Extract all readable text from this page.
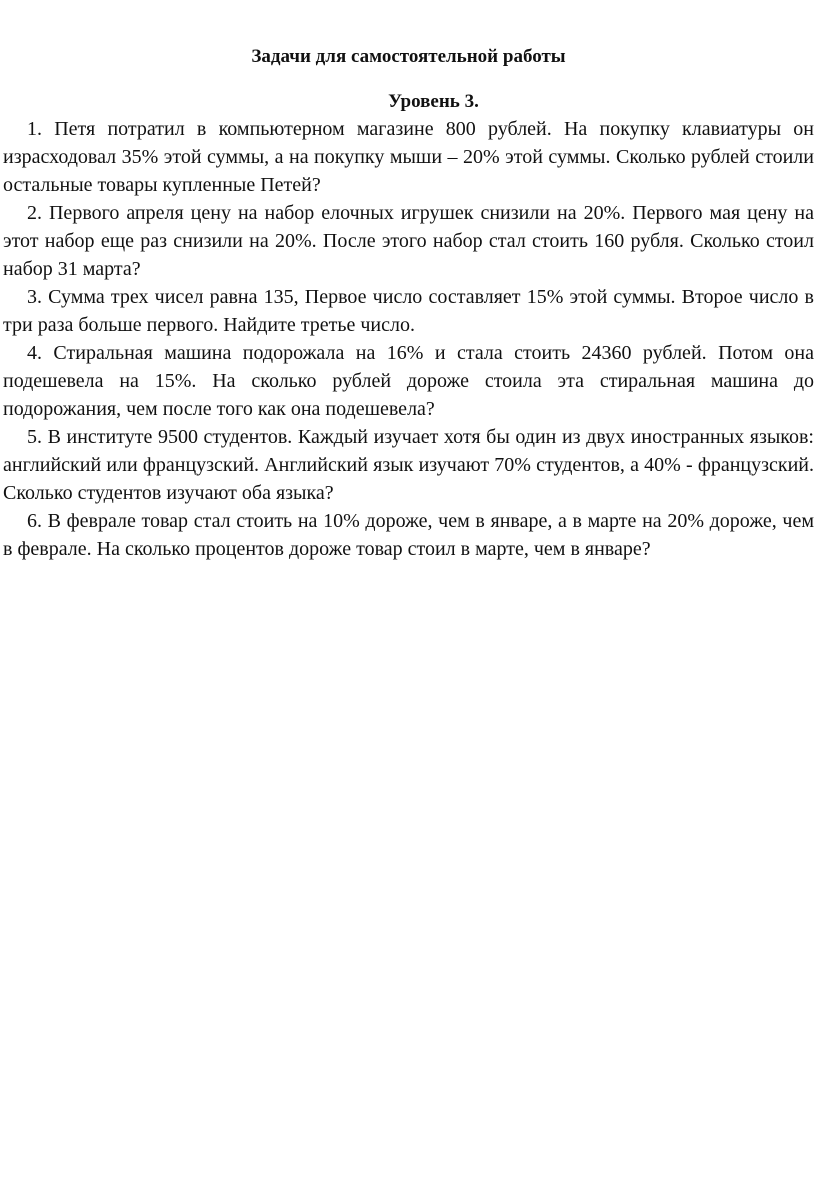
Задачи для самостоятельной работы
Уровень 3.

1. Петя потратил в компьютерном магазине 800 рублей. На покупку клавиатуры он израсходовал 35% этой суммы, а на покупку мыши – 20% этой суммы. Сколько рублей стоили остальные товары купленные Петей?

2. Первого апреля цену на набор елочных игрушек снизили на 20%. Первого мая цену на этот набор еще раз снизили на 20%. После этого набор стал стоить 160 рубля. Сколько стоил набор 31 марта?

3. Сумма трех чисел равна 135, Первое число составляет 15% этой суммы. Второе число в три раза больше первого. Найдите третье число.

4. Стиральная машина подорожала на 16% и стала стоить 24360 рублей. Потом она подешевела на 15%. На сколько рублей дороже стоила эта стиральная машина до подорожания, чем после того как она подешевела?

5. В институте 9500 студентов. Каждый изучает хотя бы один из двух иностранных языков: английский или французский. Английский язык изучают 70% студентов, а 40% - французский. Сколько студентов изучают оба языка?

6. В феврале товар стал стоить на 10% дороже, чем в январе, а в марте на 20% дороже, чем в феврале. На сколько процентов дороже товар стоил в марте, чем в январе?
